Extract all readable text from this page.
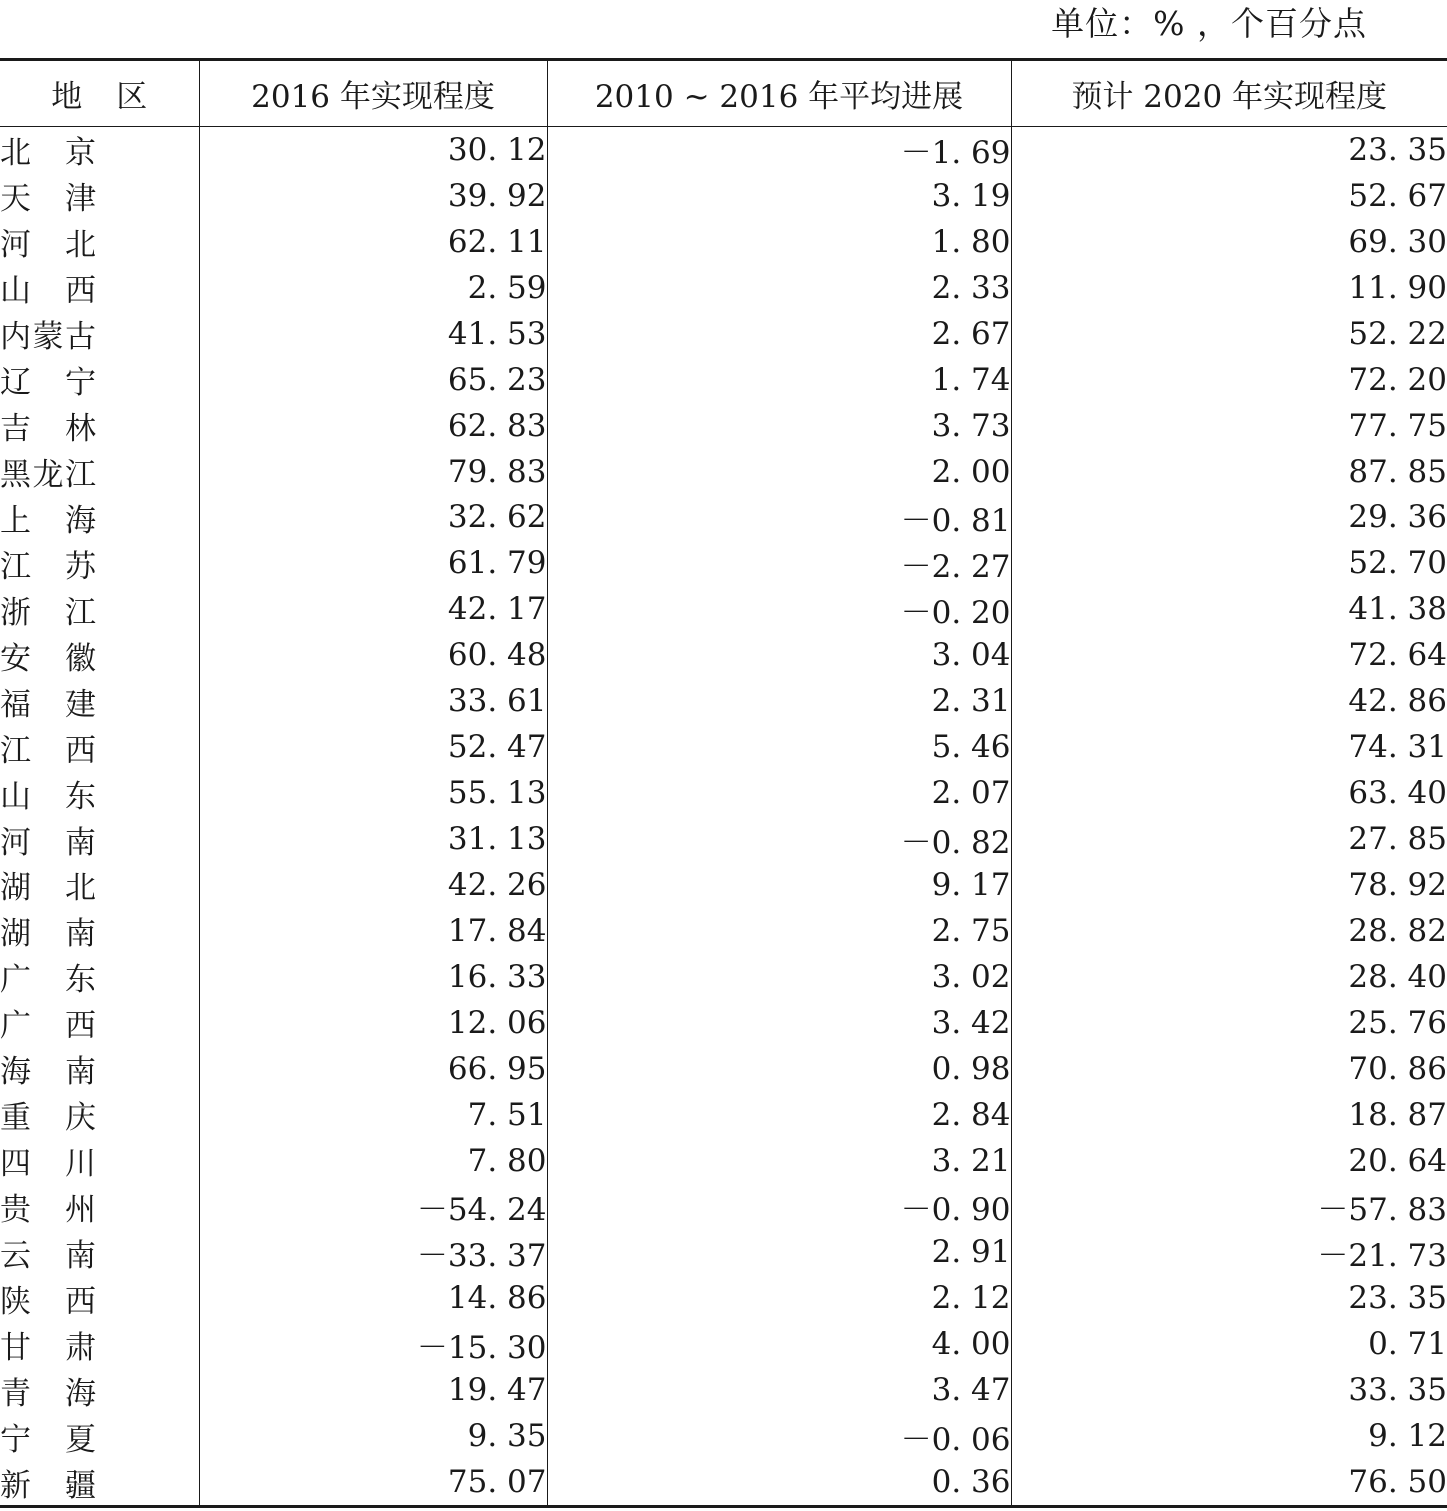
单位：% ，个百分点
地 区	2016 年实现程度	2010 ~ 2016 年平均进展	预计 2020 年实现程度

北 京	30. 12	－1. 69	23. 35

天 津	39. 92	3. 19	52. 67

河 北	62. 11	1. 80	69. 30

山 西	2. 59	2. 33	11. 90

内 蒙 古	41. 53	2. 67	52. 22

辽 宁	65. 23	1. 74	72. 20

吉 林	62. 83	3. 73	77. 75

黑 龙 江	79. 83	2. 00	87. 85

上 海	32. 62	－0. 81	29. 36

江 苏	61. 79	－2. 27	52. 70

浙 江	42. 17	－0. 20	41. 38

安 徽	60. 48	3. 04	72. 64

福 建	33. 61	2. 31	42. 86

江 西	52. 47	5. 46	74. 31

山 东	55. 13	2. 07	63. 40

河 南	31. 13	－0. 82	27. 85

湖 北	42. 26	9. 17	78. 92

湖 南	17. 84	2. 75	28. 82

广 东	16. 33	3. 02	28. 40

广 西	12. 06	3. 42	25. 76

海 南	66. 95	0. 98	70. 86

重 庆	7. 51	2. 84	18. 87

四 川	7. 80	3. 21	20. 64

贵 州	－54. 24	－0. 90	－57. 83

云 南	－33. 37	2. 91	－21. 73

陕 西	14. 86	2. 12	23. 35

甘 肃	－15. 30	4. 00	0. 71

青 海	19. 47	3. 47	33. 35

宁 夏	9. 35	－0. 06	9. 12

新 疆	75. 07	0. 36	76. 50
